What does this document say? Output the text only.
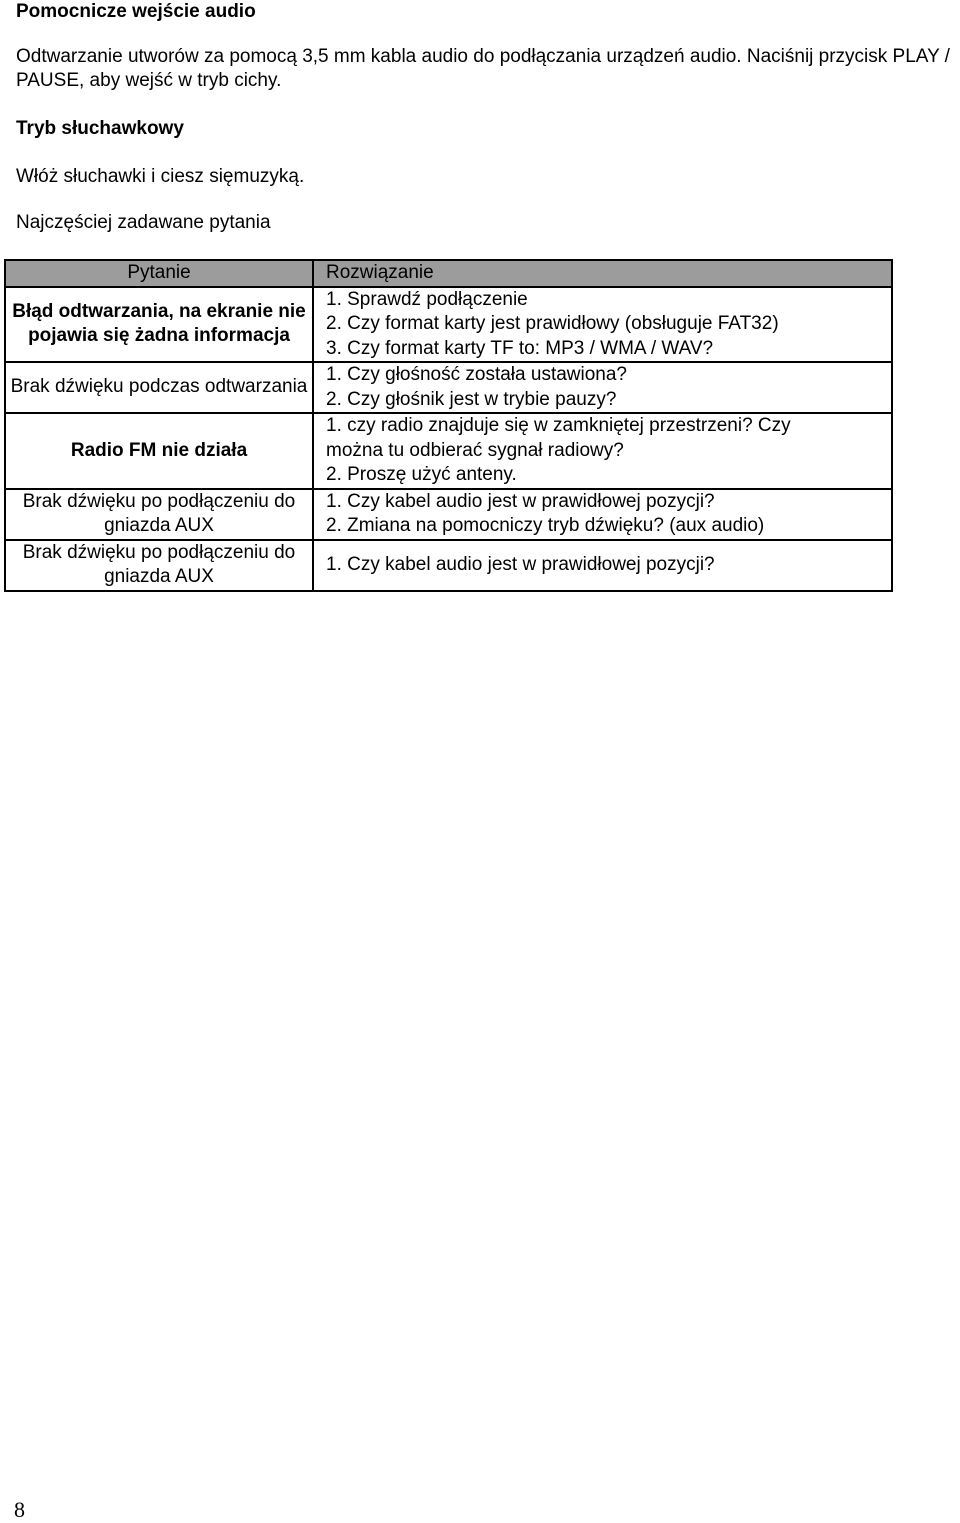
Pomocnicze wejście audio
Odtwarzanie utworów za pomocą 3,5 mm kabla audio do podłączania urządzeń audio. Naciśnij przycisk PLAY / PAUSE, aby wejść w tryb cichy.
Tryb słuchawkowy
Włóż słuchawki i ciesz sięmuzyką.
Najczęściej zadawane pytania
Pytanie	Rozwiązanie

Błąd odtwarzania, na ekranie nie pojawia się żadna informacja	1. Sprawdź podłączenie
2. Czy format karty jest prawidłowy (obsługuje FAT32)
3. Czy format karty TF to: MP3 / WMA / WAV?

Brak dźwięku podczas odtwarzania	1. Czy głośność została ustawiona?
2. Czy głośnik jest w trybie pauzy?

Radio FM nie działa	1. czy radio znajduje się w zamkniętej przestrzeni? Czy
można tu odbierać sygnał radiowy?
2. Proszę użyć anteny.

Brak dźwięku po podłączeniu do gniazda AUX	1. Czy kabel audio jest w prawidłowej pozycji?
2. Zmiana na pomocniczy tryb dźwięku? (aux audio)

Brak dźwięku po podłączeniu do gniazda AUX	1. Czy kabel audio jest w prawidłowej pozycji?
8
